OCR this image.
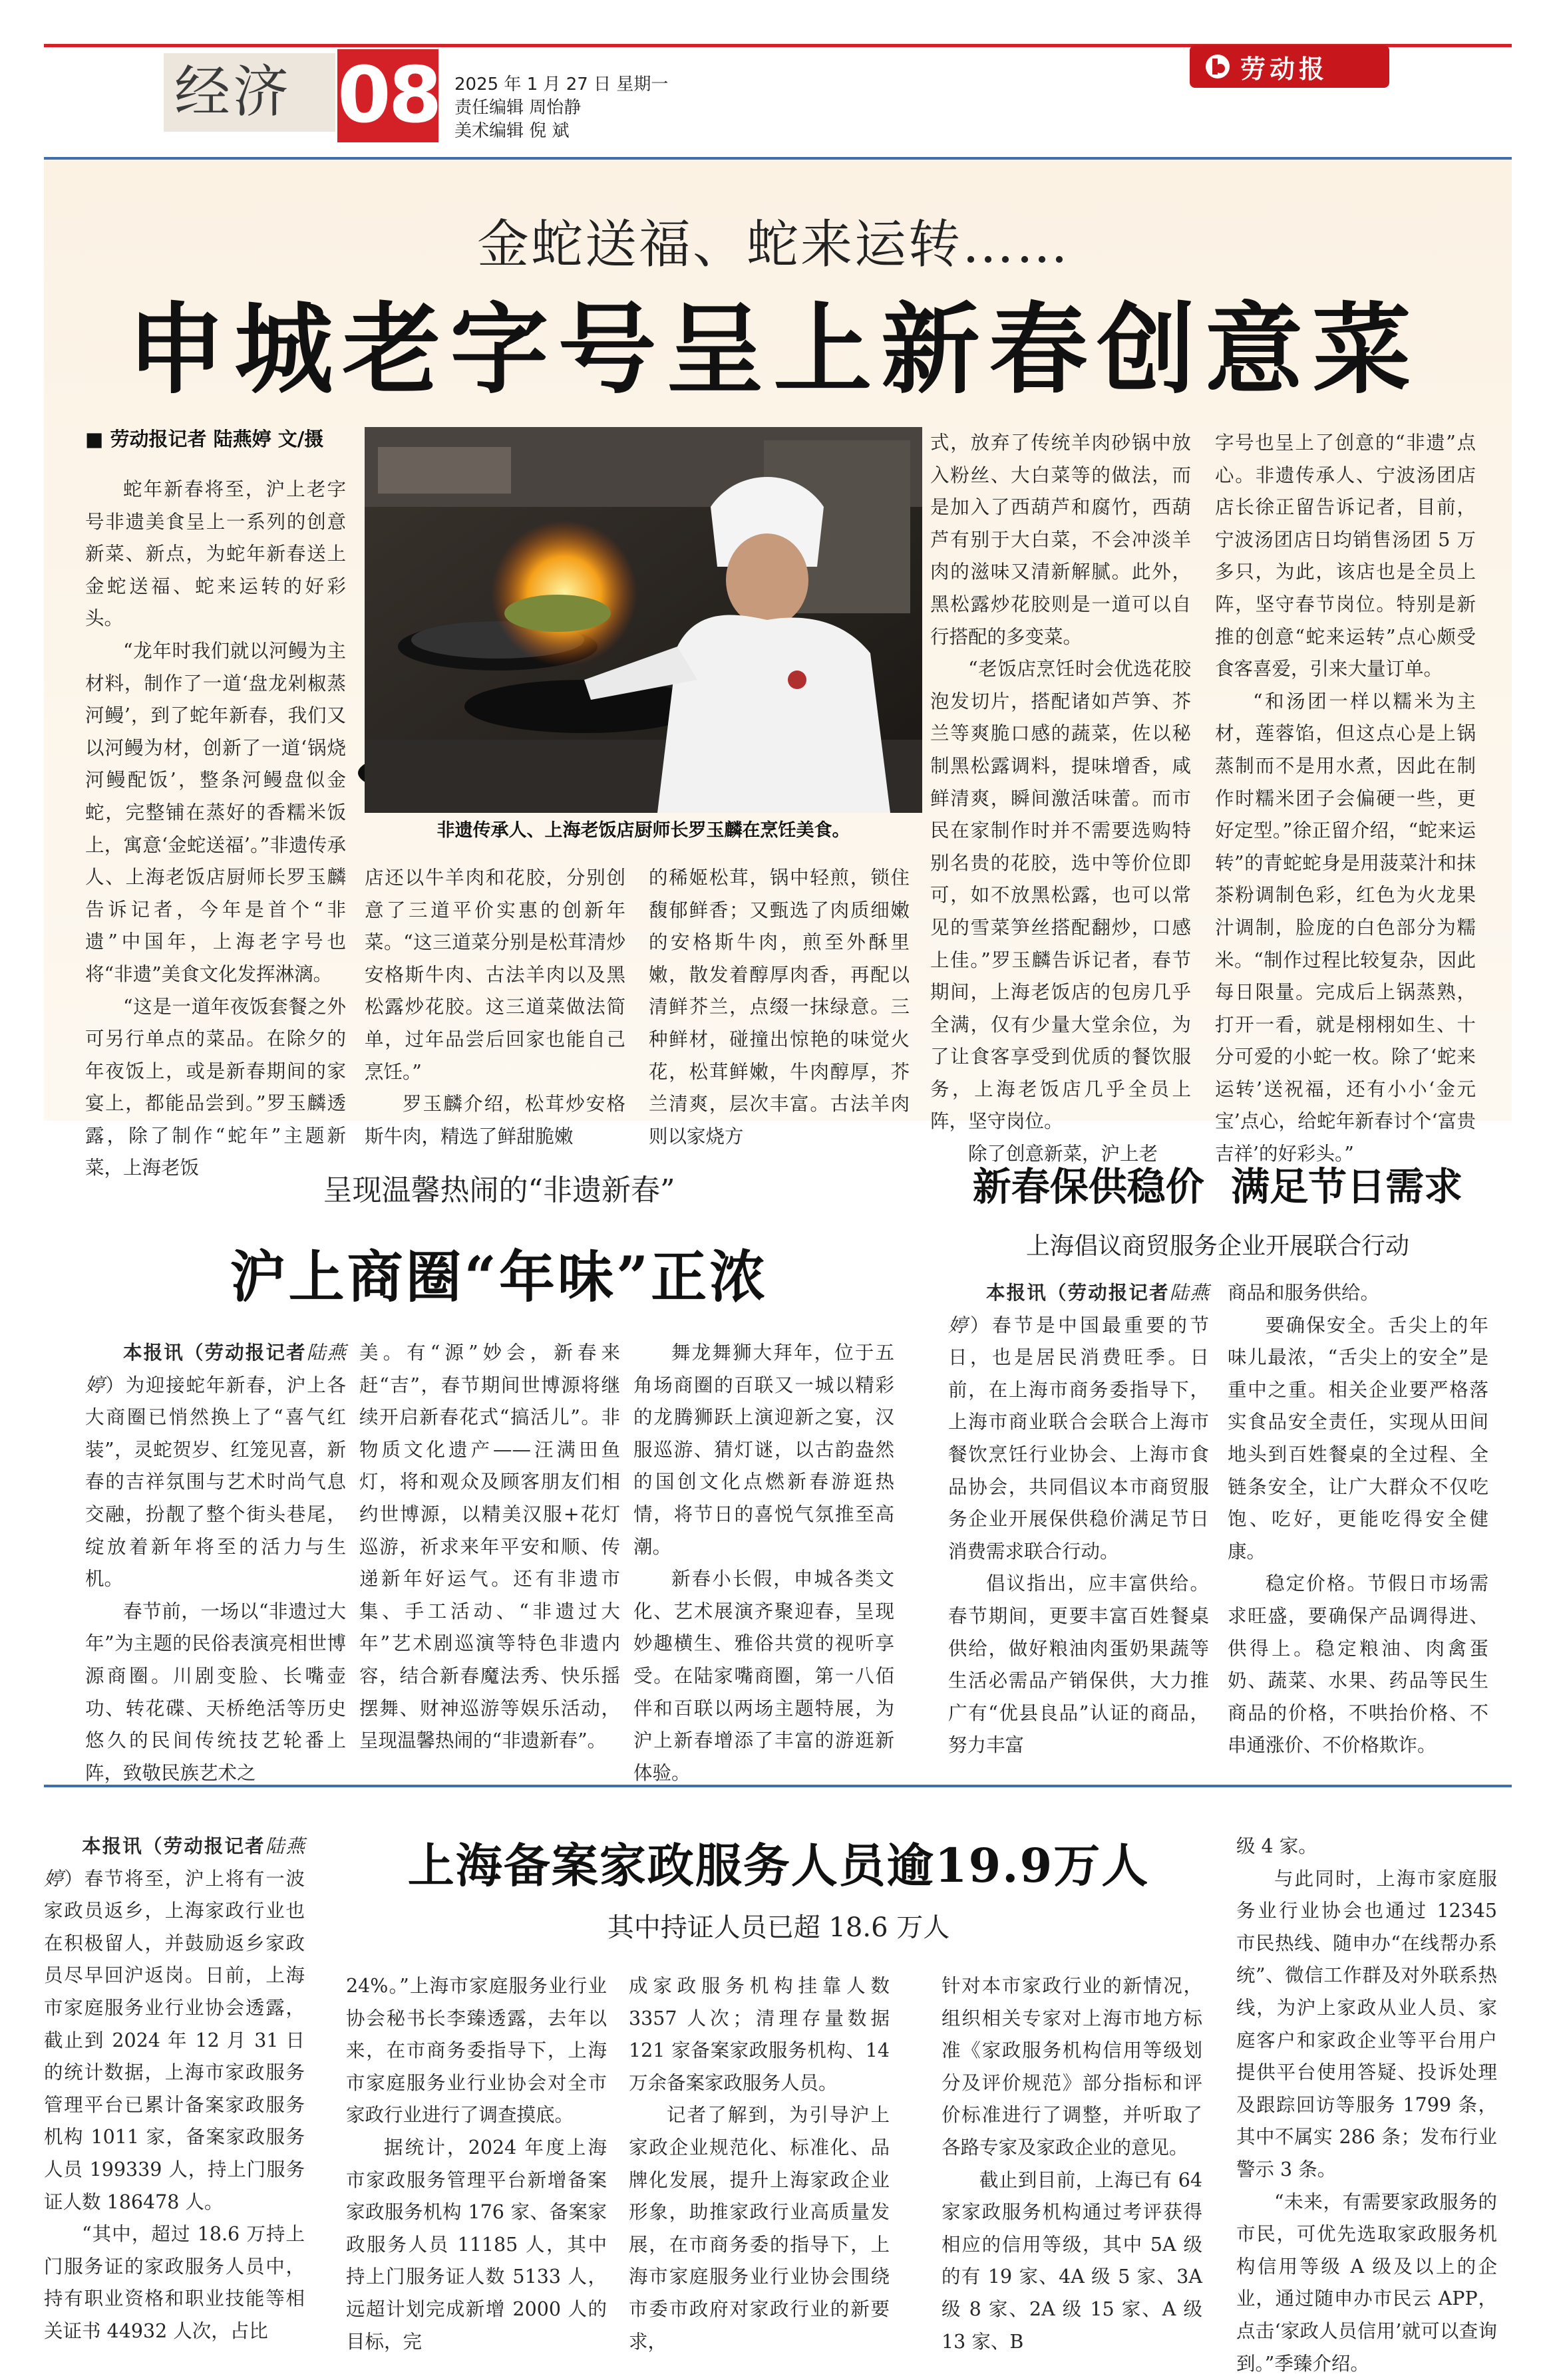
经济 08 2025 年 1 月 27 日 星期一
责任编辑 周怡静
美术编辑 倪 斌
劳动报
金蛇送福、蛇来运转……
申城老字号呈上新春创意菜
■ 劳动报记者 陆燕婷 文/摄
非遗传承人、上海老饭店厨师长罗玉麟在烹饪美食。

蛇年新春将至，沪上老字号非遗美食呈上一系列的创意新菜、新点，为蛇年新春送上金蛇送福、蛇来运转的好彩头。

“龙年时我们就以河鳗为主材料，制作了一道‘盘龙剁椒蒸河鳗’，到了蛇年新春，我们又以河鳗为材，创新了一道‘锅烧河鳗配饭’，整条河鳗盘似金蛇，完整铺在蒸好的香糯米饭上，寓意‘金蛇送福’。”非遗传承人、上海老饭店厨师长罗玉麟告诉记者，今年是首个“非遗”中国年，上海老字号也将“非遗”美食文化发挥淋漓。

“这是一道年夜饭套餐之外可另行单点的菜品。在除夕的年夜饭上，或是新春期间的家宴上，都能品尝到。”罗玉麟透露，除了制作“蛇年”主题新菜，上海老饭

店还以牛羊肉和花胶，分别创意了三道平价实惠的创新年菜。“这三道菜分别是松茸清炒安格斯牛肉、古法羊肉以及黑松露炒花胶。这三道菜做法简单，过年品尝后回家也能自己烹饪。”

罗玉麟介绍，松茸炒安格斯牛肉，精选了鲜甜脆嫩

的稀姬松茸，锅中轻煎，锁住馥郁鲜香；又甄选了肉质细嫩的安格斯牛肉，煎至外酥里嫩，散发着醇厚肉香，再配以清鲜芥兰，点缀一抹绿意。三种鲜材，碰撞出惊艳的味觉火花，松茸鲜嫩，牛肉醇厚，芥兰清爽，层次丰富。古法羊肉则以家烧方

式，放弃了传统羊肉砂锅中放入粉丝、大白菜等的做法，而是加入了西葫芦和腐竹，西葫芦有别于大白菜，不会冲淡羊肉的滋味又清新解腻。此外，黑松露炒花胶则是一道可以自行搭配的多变菜。

“老饭店烹饪时会优选花胶泡发切片，搭配诸如芦笋、芥兰等爽脆口感的蔬菜，佐以秘制黑松露调料，提味增香，咸鲜清爽，瞬间激活味蕾。而市民在家制作时并不需要选购特别名贵的花胶，选中等价位即可，如不放黑松露，也可以常见的雪菜笋丝搭配翻炒，口感上佳。”罗玉麟告诉记者，春节期间，上海老饭店的包房几乎全满，仅有少量大堂余位，为了让食客享受到优质的餐饮服务，上海老饭店几乎全员上阵，坚守岗位。

除了创意新菜，沪上老

字号也呈上了创意的“非遗”点心。非遗传承人、宁波汤团店店长徐正留告诉记者，目前，宁波汤团店日均销售汤团 5 万多只，为此，该店也是全员上阵，坚守春节岗位。特别是新推的创意“蛇来运转”点心颇受食客喜爱，引来大量订单。

“和汤团一样以糯米为主材，莲蓉馅，但这点心是上锅蒸制而不是用水煮，因此在制作时糯米团子会偏硬一些，更好定型。”徐正留介绍，“蛇来运转”的青蛇蛇身是用菠菜汁和抹茶粉调制色彩，红色为火龙果汁调制，脸庞的白色部分为糯米。“制作过程比较复杂，因此每日限量。完成后上锅蒸熟，打开一看，就是栩栩如生、十分可爱的小蛇一枚。除了‘蛇来运转’送祝福，还有小小‘金元宝’点心，给蛇年新春讨个‘富贵吉祥’的好彩头。”

呈现温馨热闹的“非遗新春”
沪上商圈“年味”正浓

本报讯（劳动报记者陆燕婷）为迎接蛇年新春，沪上各大商圈已悄然换上了“喜气红装”，灵蛇贺岁、红笼见喜，新春的吉祥氛围与艺术时尚气息交融，扮靓了整个街头巷尾，绽放着新年将至的活力与生机。

春节前，一场以“非遗过大年”为主题的民俗表演亮相世博源商圈。川剧变脸、长嘴壶功、转花碟、天桥绝活等历史悠久的民间传统技艺轮番上阵，致敬民族艺术之

美。有“源”妙会，新春来赶“吉”，春节期间世博源将继续开启新春花式“搞活儿”。非物质文化遗产——汪满田鱼灯，将和观众及顾客朋友们相约世博源，以精美汉服+花灯巡游，祈求来年平安和顺、传递新年好运气。还有非遗市集、手工活动、“非遗过大年”艺术剧巡演等特色非遗内容，结合新春魔法秀、快乐摇摆舞、财神巡游等娱乐活动，呈现温馨热闹的“非遗新春”。

舞龙舞狮大拜年，位于五角场商圈的百联又一城以精彩的龙腾狮跃上演迎新之宴，汉服巡游、猜灯谜，以古韵盎然的国创文化点燃新春游逛热情，将节日的喜悦气氛推至高潮。

新春小长假，申城各类文化、艺术展演齐聚迎春，呈现妙趣横生、雅俗共赏的视听享受。在陆家嘴商圈，第一八佰伴和百联以两场主题特展，为沪上新春增添了丰富的游逛新体验。

新春保供稳价  满足节日需求
上海倡议商贸服务企业开展联合行动

本报讯（劳动报记者陆燕婷）春节是中国最重要的节日，也是居民消费旺季。日前，在上海市商务委指导下，上海市商业联合会联合上海市餐饮烹饪行业协会、上海市食品协会，共同倡议本市商贸服务企业开展保供稳价满足节日消费需求联合行动。

倡议指出，应丰富供给。春节期间，更要丰富百姓餐桌供给，做好粮油肉蛋奶果蔬等生活必需品产销保供，大力推广有“优县良品”认证的商品，努力丰富

商品和服务供给。

要确保安全。舌尖上的年味儿最浓，“舌尖上的安全”是重中之重。相关企业要严格落实食品安全责任，实现从田间地头到百姓餐桌的全过程、全链条安全，让广大群众不仅吃饱、吃好，更能吃得安全健康。

稳定价格。节假日市场需求旺盛，要确保产品调得进、供得上。稳定粮油、肉禽蛋奶、蔬菜、水果、药品等民生商品的价格，不哄抬价格、不串通涨价、不价格欺诈。

上海备案家政服务人员逾19.9万人
其中持证人员已超 18.6 万人

本报讯（劳动报记者陆燕婷）春节将至，沪上将有一波家政员返乡，上海家政行业也在积极留人，并鼓励返乡家政员尽早回沪返岗。日前，上海市家庭服务业行业协会透露，截止到 2024 年 12 月 31 日的统计数据，上海市家政服务管理平台已累计备案家政服务机构 1011 家，备案家政服务人员 199339 人，持上门服务证人数 186478 人。

“其中，超过 18.6 万持上门服务证的家政服务人员中，持有职业资格和职业技能等相关证书 44932 人次，占比

24%。”上海市家庭服务业行业协会秘书长李臻透露，去年以来，在市商务委指导下，上海市家庭服务业行业协会对全市家政行业进行了调查摸底。

据统计，2024 年度上海市家政服务管理平台新增备案家政服务机构 176 家、备案家政服务人员 11185 人，其中持上门服务证人数 5133 人，远超计划完成新增 2000 人的目标，完

成家政服务机构挂靠人数 3357 人次；清理存量数据 121 家备案家政服务机构、14 万余备案家政服务人员。

记者了解到，为引导沪上家政企业规范化、标准化、品牌化发展，提升上海家政企业形象，助推家政行业高质量发展，在市商务委的指导下，上海市家庭服务业行业协会围绕市委市政府对家政行业的新要求，

针对本市家政行业的新情况，组织相关专家对上海市地方标准《家政服务机构信用等级划分及评价规范》部分指标和评价标准进行了调整，并听取了各路专家及家政企业的意见。

截止到目前，上海已有 64 家家政服务机构通过考评获得相应的信用等级，其中 5A 级的有 19 家、4A 级 5 家、3A 级 8 家、2A 级 15 家、A 级 13 家、B

级 4 家。

与此同时，上海市家庭服务业行业协会也通过 12345 市民热线、随申办“在线帮办系统”、微信工作群及对外联系热线，为沪上家政从业人员、家庭客户和家政企业等平台用户提供平台使用答疑、投诉处理及跟踪回访等服务 1799 条，其中不属实 286 条；发布行业警示 3 条。

“未来，有需要家政服务的市民，可优先选取家政服务机构信用等级 A 级及以上的企业，通过随申办市民云 APP，点击‘家政人员信用’就可以查询到。”季臻介绍。
